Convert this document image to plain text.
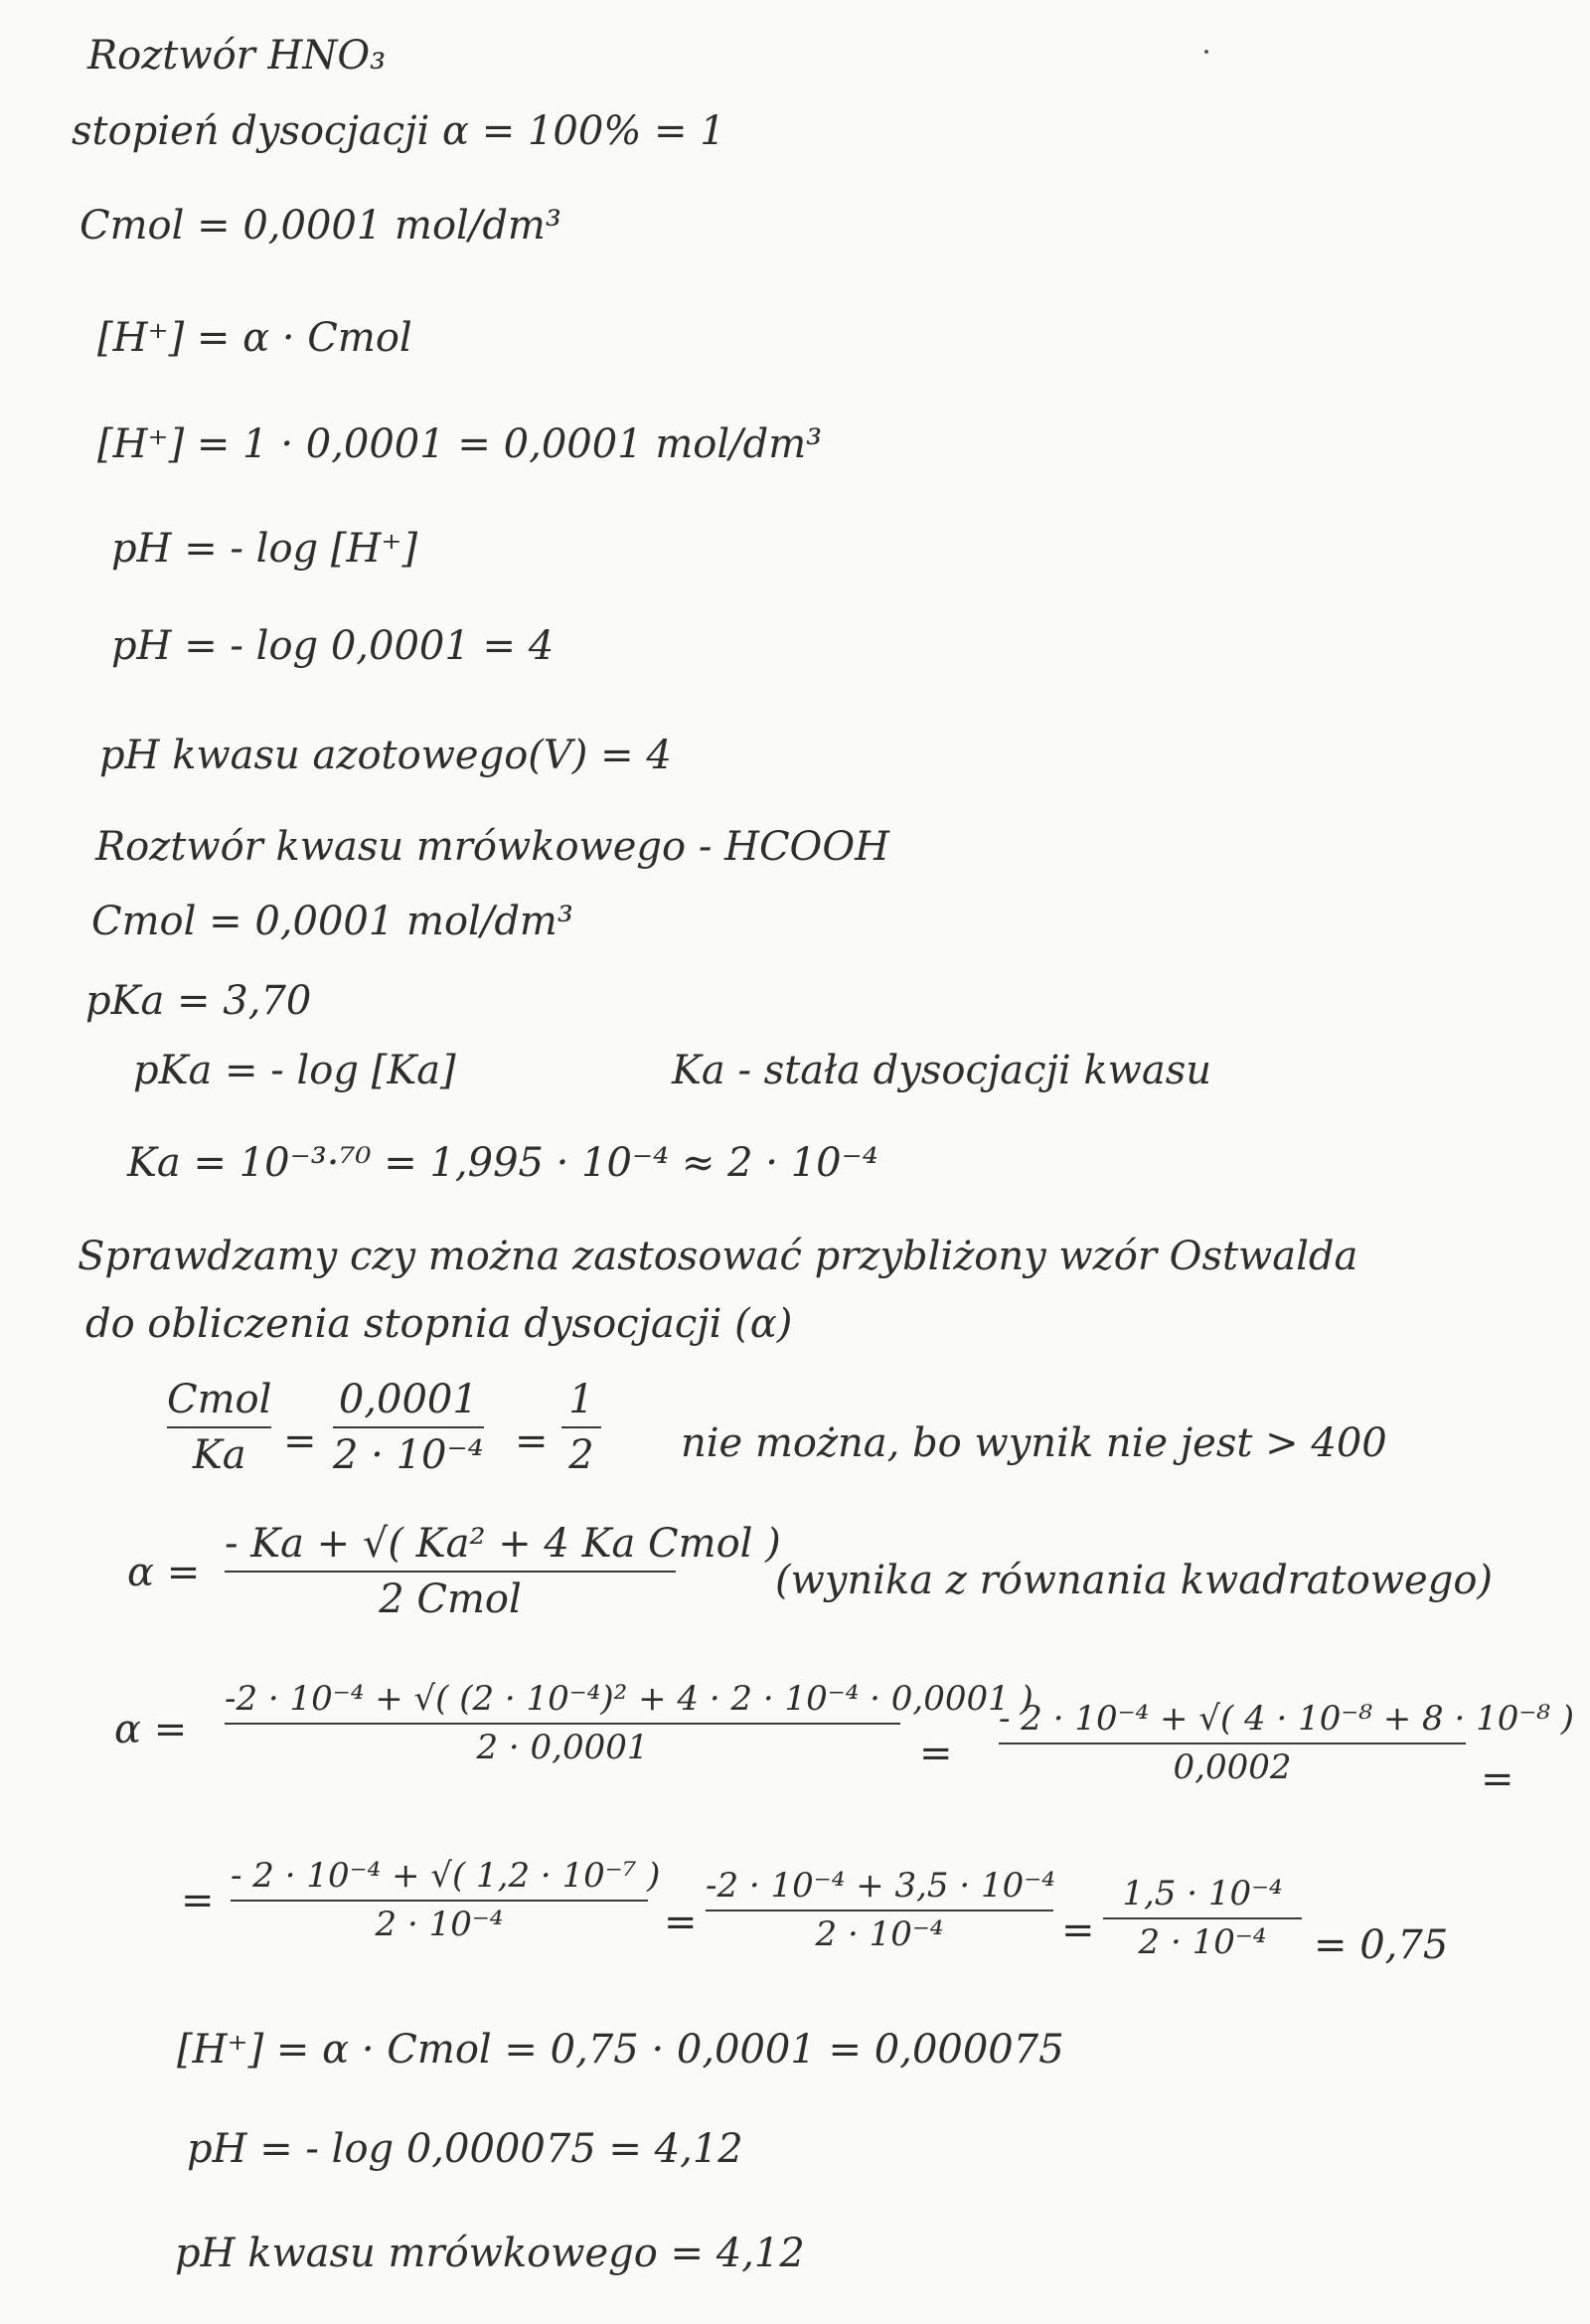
Roztwór HNO₃
stopień dysocjacji α = 100% = 1
Cmol = 0,0001 mol/dm³
[H⁺] = α · Cmol
[H⁺] = 1 · 0,0001 = 0,0001 mol/dm³
pH = - log [H⁺]
pH = - log 0,0001 = 4
pH kwasu azotowego(V) = 4
Roztwór kwasu mrówkowego - HCOOH
Cmol = 0,0001 mol/dm³
pKa = 3,70
pKa = - log [Ka]	Ka - stała dysocjacji kwasu
Ka = 10⁻³·⁷⁰ = 1,995 · 10⁻⁴ ≈ 2 · 10⁻⁴
Sprawdzamy czy można zastosować przybliżony wzór Ostwalda
do obliczenia stopnia dysocjacji (α)
Cmol
Ka =
0,0001
2 · 10⁻⁴ =
1
2 nie można, bo wynik nie jest > 400
α =
- Ka + √( Ka² + 4 Ka Cmol )
2 Cmol	(wynika z równania kwadratowego)
α =
-2 · 10⁻⁴ + √( (2 · 10⁻⁴)² + 4 · 2 · 10⁻⁴ · 0,0001 )
2 · 0,0001	=
- 2 · 10⁻⁴ + √( 4 · 10⁻⁸ + 8 · 10⁻⁸ )
0,0002	=
=
- 2 · 10⁻⁴ + √( 1,2 · 10⁻⁷ )
2 · 10⁻⁴	=
-2 · 10⁻⁴ + 3,5 · 10⁻⁴
2 · 10⁻⁴	=
1,5 · 10⁻⁴
2 · 10⁻⁴	= 0,75
[H⁺] = α · Cmol = 0,75 · 0,0001 = 0,000075
pH = - log 0,000075 = 4,12
pH kwasu mrówkowego = 4,12
